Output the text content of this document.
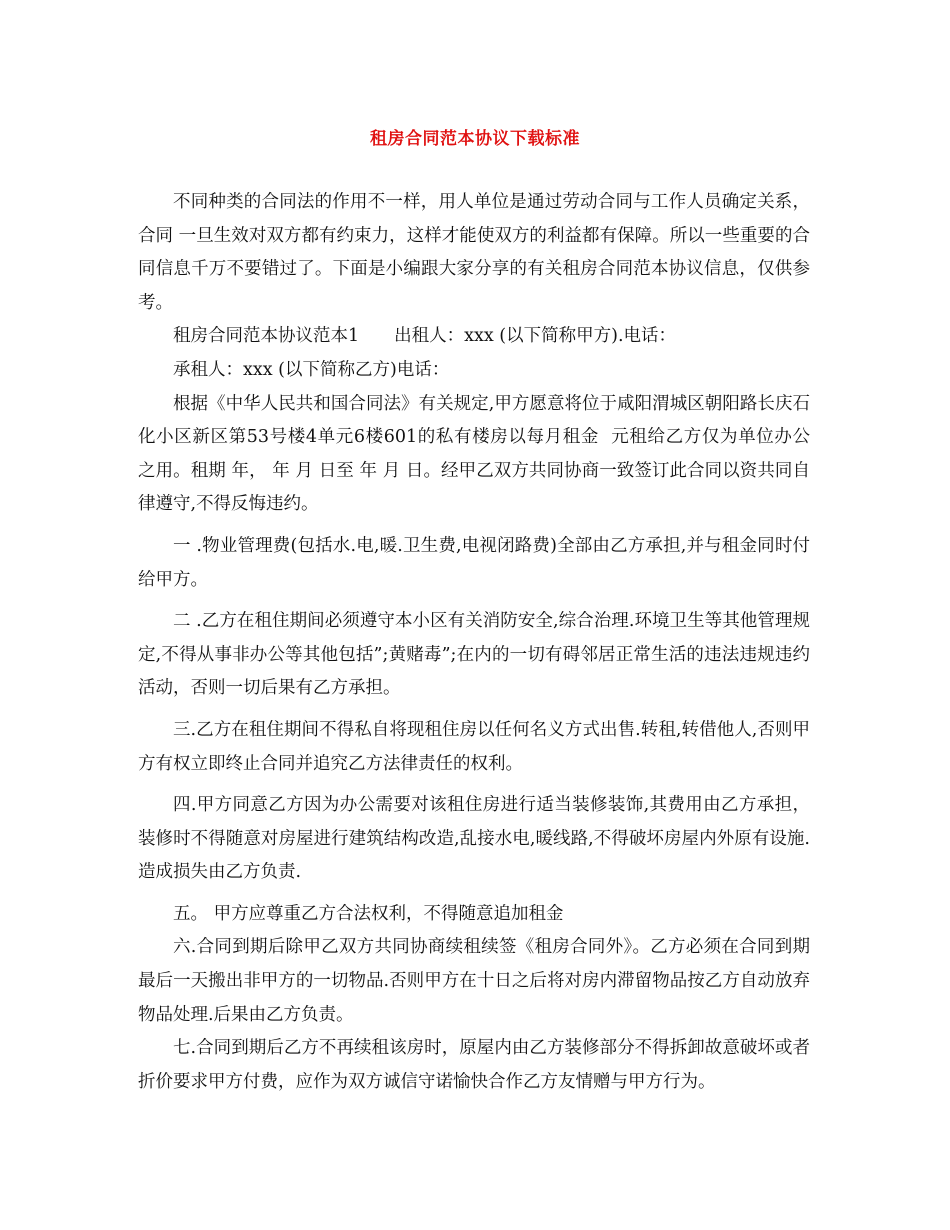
租房合同范本协议下载标准

不同种类的合同法的作用不一样，用人单位是通过劳动合同与工作人员确定关系，合同 一旦生效对双方都有约束力，这样才能使双方的利益都有保障。所以一些重要的合同信息千万不要错过了。下面是小编跟大家分享的有关租房合同范本协议信息，仅供参考。

租房合同范本协议范本1　　出租人：xxx (以下简称甲方).电话：

承租人：xxx (以下简称乙方)电话：

根据《中华人民共和国合同法》有关规定,甲方愿意将位于咸阳渭城区朝阳路长庆石化小区新区第53号楼4单元6楼601的私有楼房以每月租金  元租给乙方仅为单位办公 之用。租期 年， 年 月 日至 年 月 日。经甲乙双方共同协商一致签订此合同以资共同自律遵守,不得反悔违约。

一 .物业管理费(包括水.电,暖.卫生费,电视闭路费)全部由乙方承担,并与租金同时付给甲方。

二 .乙方在租住期间必须遵守本小区有关消防安全,综合治理.环境卫生等其他管理规定,不得从事非办公等其他包括”;黄赌毒”;在内的一切有碍邻居正常生活的违法违规违约活动，否则一切后果有乙方承担。

三.乙方在租住期间不得私自将现租住房以任何名义方式出售.转租,转借他人,否则甲方有权立即终止合同并追究乙方法律责任的权利。

四.甲方同意乙方因为办公需要对该租住房进行适当装修装饰,其费用由乙方承担，装修时不得随意对房屋进行建筑结构改造,乱接水电,暖线路,不得破坏房屋内外原有设施.造成损失由乙方负责.

五。 甲方应尊重乙方合法权利，不得随意追加租金

六.合同到期后除甲乙双方共同协商续租续签《租房合同外》。乙方必须在合同到期最后一天搬出非甲方的一切物品.否则甲方在十日之后将对房内滞留物品按乙方自动放弃物品处理.后果由乙方负责。

七.合同到期后乙方不再续租该房时，原屋内由乙方装修部分不得拆卸故意破坏或者折价要求甲方付费，应作为双方诚信守诺愉快合作乙方友情赠与甲方行为。
